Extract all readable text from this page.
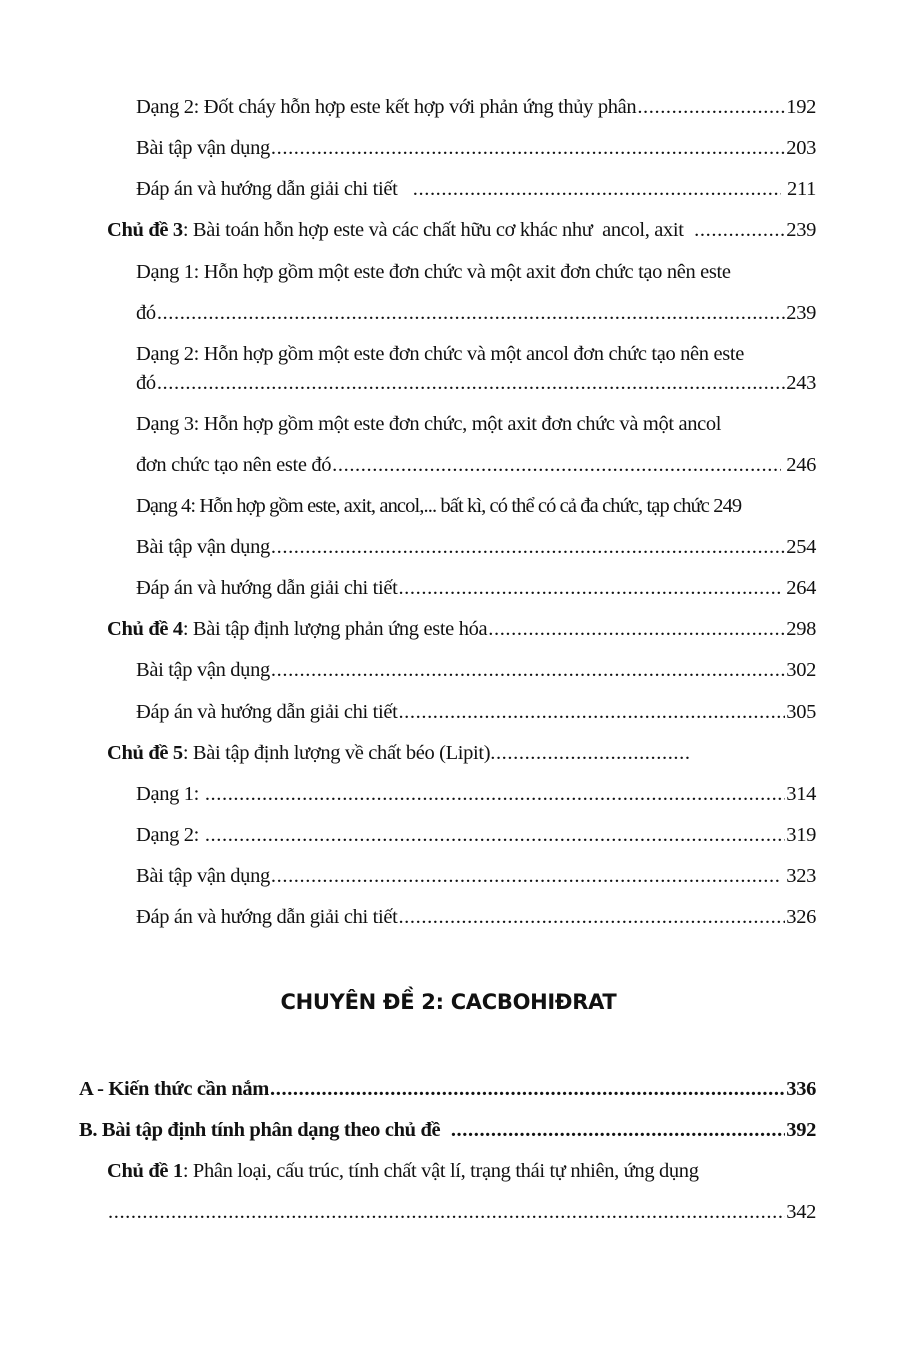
Dạng 2: Đốt cháy hỗn hợp este kết hợp với phản ứng thủy phân .....	192
Bài tập vận dụng .....	203
Đáp án và hướng dẫn giải chi tiết .....	211
Chủ đề 3 : Bài toán hỗn hợp este và các chất hữu cơ khác như  ancol, axit .....	239
Dạng 1: Hỗn hợp gồm một este đơn chức và một axit đơn chức tạo nên este
đó .....	239
Dạng 2: Hỗn hợp gồm một este đơn chức và một ancol đơn chức tạo nên este
đó .....	243
Dạng 3: Hỗn hợp gồm một este đơn chức, một axit đơn chức và một ancol
đơn chức tạo nên este đó .....	246
Dạng 4: Hỗn hợp gồm este, axit, ancol,... bất kì, có thể có cả đa chức, tạp chức 249
Bài tập vận dụng .....	254
Đáp án và hướng dẫn giải chi tiết .....	264
Chủ đề 4 : Bài tập định lượng phản ứng este hóa .....	298
Bài tập vận dụng .....	302
Đáp án và hướng dẫn giải chi tiết .....	305
Chủ đề 5 : Bài tập định lượng về chất béo (Lipit)
.....
Dạng 1: .....	314
Dạng 2: .....	319
Bài tập vận dụng .....	323
Đáp án và hướng dẫn giải chi tiết .....	326
CHUYÊN ĐỀ 2: CACBOHIĐRAT
A - Kiến thức cần nắm .....	336
B. Bài tập định tính phân dạng theo chủ đề .....	392
Chủ đề 1 : Phân loại, cấu trúc, tính chất vật lí, trạng thái tự nhiên, ứng dụng
.....
342
